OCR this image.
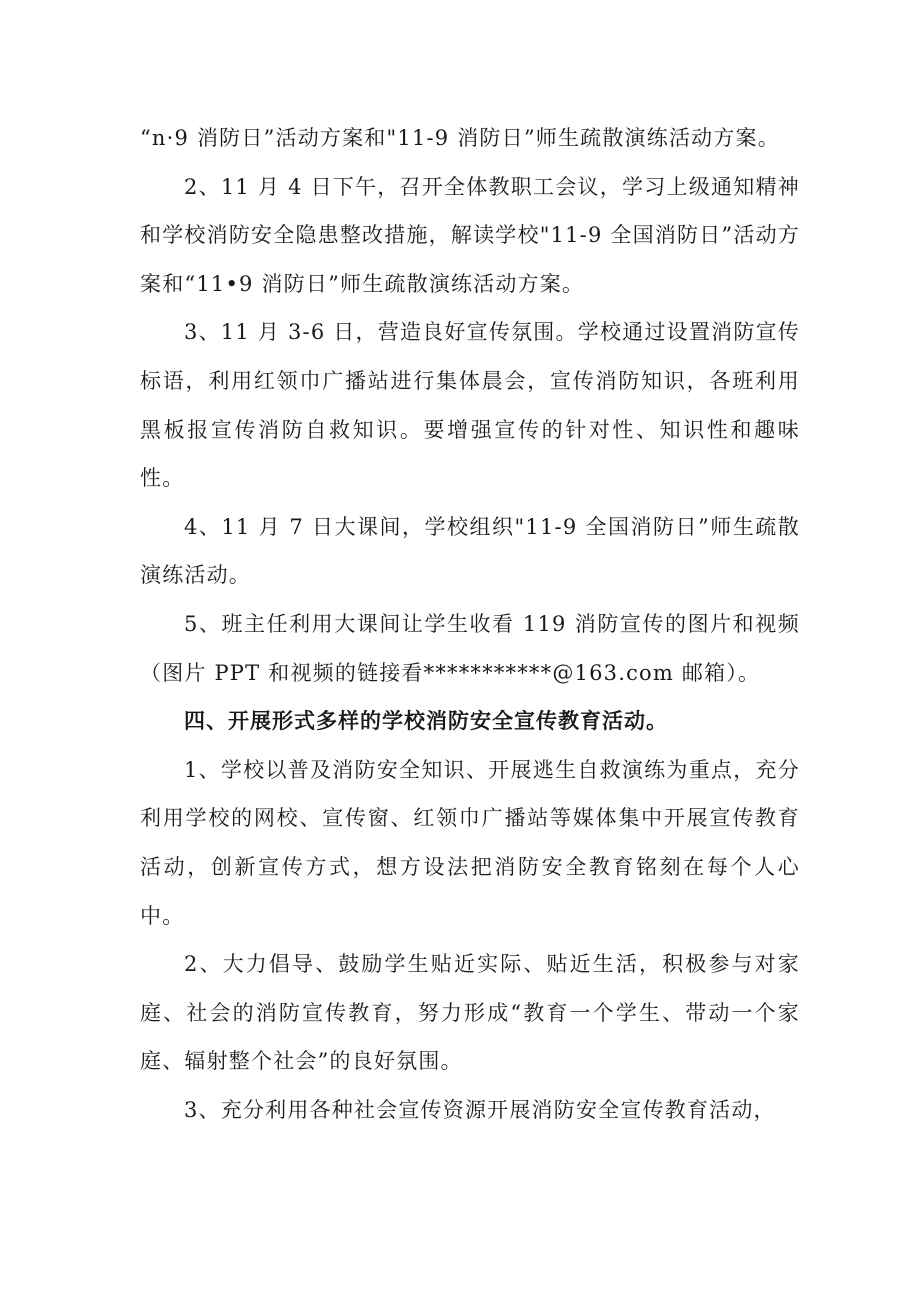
“n·9 消防日”活动方案和"11-9 消防日”师生疏散演练活动方案。

2、11 月 4 日下午，召开全体教职工会议，学习上级通知精神和学校消防安全隐患整改措施，解读学校"11-9 全国消防日”活动方案和“11•9 消防日”师生疏散演练活动方案。

3、11 月 3-6 日，营造良好宣传氛围。学校通过设置消防宣传标语，利用红领巾广播站进行集体晨会，宣传消防知识，各班利用黑板报宣传消防自救知识。要增强宣传的针对性、知识性和趣味性。

4、11 月 7 日大课间，学校组织"11-9 全国消防日”师生疏散演练活动。

5、班主任利用大课间让学生收看 119 消防宣传的图片和视频（图片 PPT 和视频的链接看***********@163.com 邮箱）。

四、开展形式多样的学校消防安全宣传教育活动。

1、学校以普及消防安全知识、开展逃生自救演练为重点，充分利用学校的网校、宣传窗、红领巾广播站等媒体集中开展宣传教育活动，创新宣传方式，想方设法把消防安全教育铭刻在每个人心中。

2、大力倡导、鼓励学生贴近实际、贴近生活，积极参与对家庭、社会的消防宣传教育，努力形成“教育一个学生、带动一个家庭、辐射整个社会”的良好氛围。

3、充分利用各种社会宣传资源开展消防安全宣传教育活动，
